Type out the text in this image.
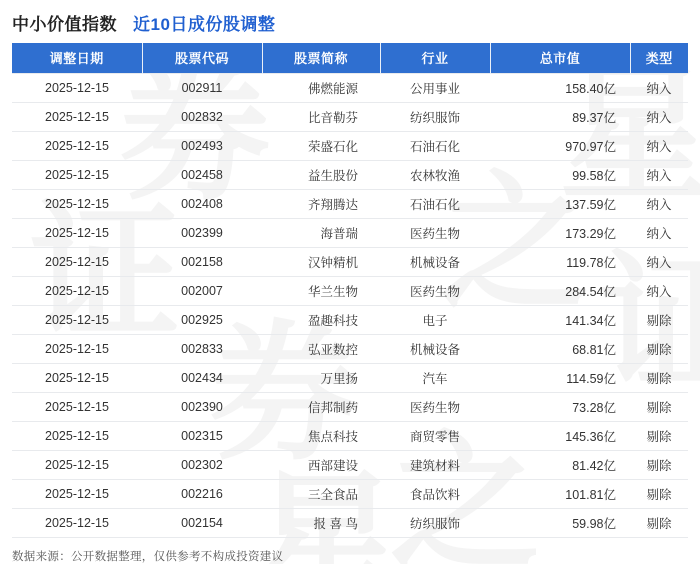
中小价值指数 近10日成份股调整
调整日期	股票代码	股票简称	行业	总市值	类型
2025-12-15	002911	佛燃能源	公用事业	158.40亿	纳入
2025-12-15	002832	比音勒芬	纺织服饰	89.37亿	纳入
2025-12-15	002493	荣盛石化	石油石化	970.97亿	纳入
2025-12-15	002458	益生股份	农林牧渔	99.58亿	纳入
2025-12-15	002408	齐翔腾达	石油石化	137.59亿	纳入
2025-12-15	002399	海普瑞	医药生物	173.29亿	纳入
2025-12-15	002158	汉钟精机	机械设备	119.78亿	纳入
2025-12-15	002007	华兰生物	医药生物	284.54亿	纳入
2025-12-15	002925	盈趣科技	电子	141.34亿	剔除
2025-12-15	002833	弘亚数控	机械设备	68.81亿	剔除
2025-12-15	002434	万里扬	汽车	114.59亿	剔除
2025-12-15	002390	信邦制药	医药生物	73.28亿	剔除
2025-12-15	002315	焦点科技	商贸零售	145.36亿	剔除
2025-12-15	002302	西部建设	建筑材料	81.42亿	剔除
2025-12-15	002216	三全食品	食品饮料	101.81亿	剔除
2025-12-15	002154	报 喜 鸟	纺织服饰	59.98亿	剔除
数据来源：公开数据整理，仅供参考不构成投资建议
